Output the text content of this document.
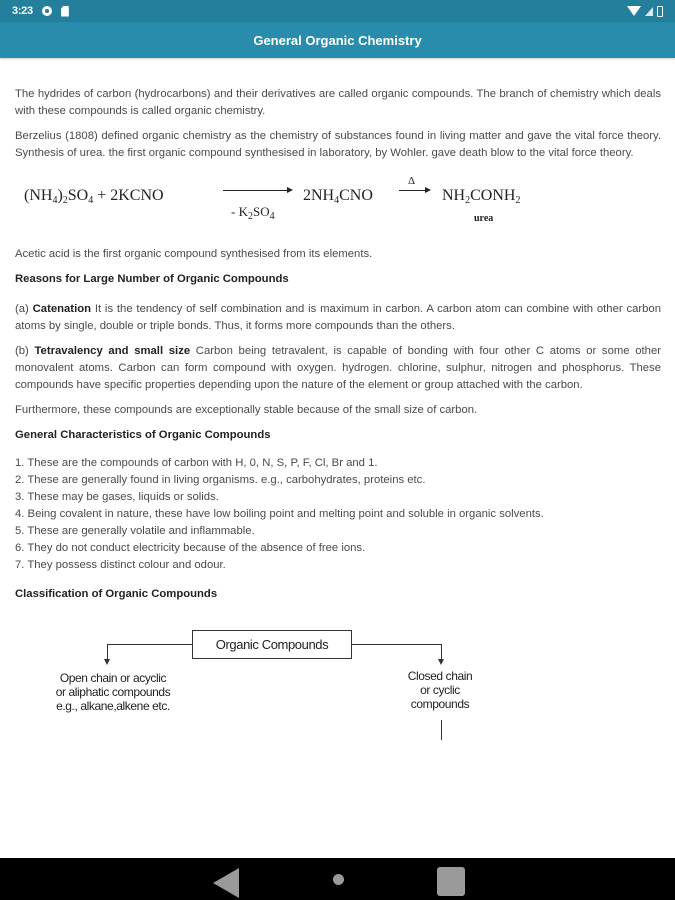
3:23
General Organic Chemistry

The hydrides of carbon (hydrocarbons) and their derivatives are called organic compounds. The branch of chemistry which deals with these compounds is called organic chemistry.

Berzelius (1808) defined organic chemistry as the chemistry of substances found in living matter and gave the vital force theory. Synthesis of urea. the first organic compound synthesised in laboratory, by Wohler. gave death blow to the vital force theory.

(NH4)2SO4 + 2KCNO
- $K_2SO_4$
2NH4CNO
Δ
NH2CONH2
urea

Acetic acid is the first organic compound synthesised from its elements.

Reasons for Large Number of Organic Compounds

(a) Catenation It is the tendency of self combination and is maximum in carbon. A carbon atom can combine with other carbon atoms by single, double or triple bonds. Thus, it forms more compounds than the others.

(b) Tetravalency and small size Carbon being tetravalent, is capable of bonding with four other C atoms or some other monovalent atoms. Carbon can form compound with oxygen. hydrogen. chlorine, sulphur, nitrogen and phosphorus. These compounds have specific properties depending upon the nature of the element or group attached with the carbon.

Furthermore, these compounds are exceptionally stable because of the small size of carbon.

General Characteristics of Organic Compounds

1. These are the compounds of carbon with H, 0, N, S, P, F, Cl, Br and 1.

2. These are generally found in living organisms. e.g., carbohydrates, proteins etc.

3. These may be gases, liquids or solids.

4. Being covalent in nature, these have low boiling point and melting point and soluble in organic solvents.

5. These are generally volatile and inflammable.

6. They do not conduct electricity because of the absence of free ions.

7. They possess distinct colour and odour.

Classification of Organic Compounds

Organic Compounds
Open chain or acyclic
or aliphatic compounds
e.g., alkane,alkene etc.
Closed chain
or cyclic
compounds
